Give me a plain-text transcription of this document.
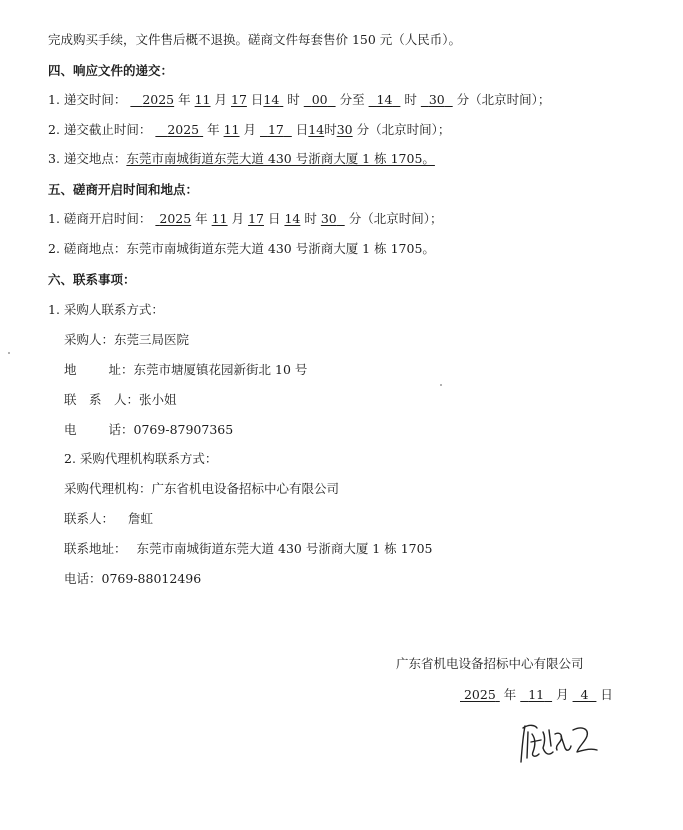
完成购买手续，文件售后概不退换。磋商文件每套售价 150 元（人民币）。
四、响应文件的递交：
1. 递交时间： 2025 年 11 月 17 日14 时 00 分至 14 时 30 分（北京时间）；
2. 递交截止时间： 2025 年 11 月 17 日14时30 分（北京时间）；
3. 递交地点：东莞市南城街道东莞大道 430 号浙商大厦 1 栋 1705。
五、磋商开启时间和地点：
1. 磋商开启时间： 2025 年 11 月 17 日 14 时 30 分（北京时间）；
2. 磋商地点：东莞市南城街道东莞大道 430 号浙商大厦 1 栋 1705。
六、联系事项：
1. 采购人联系方式：
采购人：东莞三局医院
地	址：东莞市塘厦镇花园新街北 10 号
联　系　人：张小姐
电	话：0769-87907365
2. 采购代理机构联系方式：
采购代理机构：广东省机电设备招标中心有限公司
联系人： 詹虹
联系地址： 东莞市南城街道东莞大道 430 号浙商大厦 1 栋 1705
电话：0769-88012496
广东省机电设备招标中心有限公司
2025 年 11 月 4 日
